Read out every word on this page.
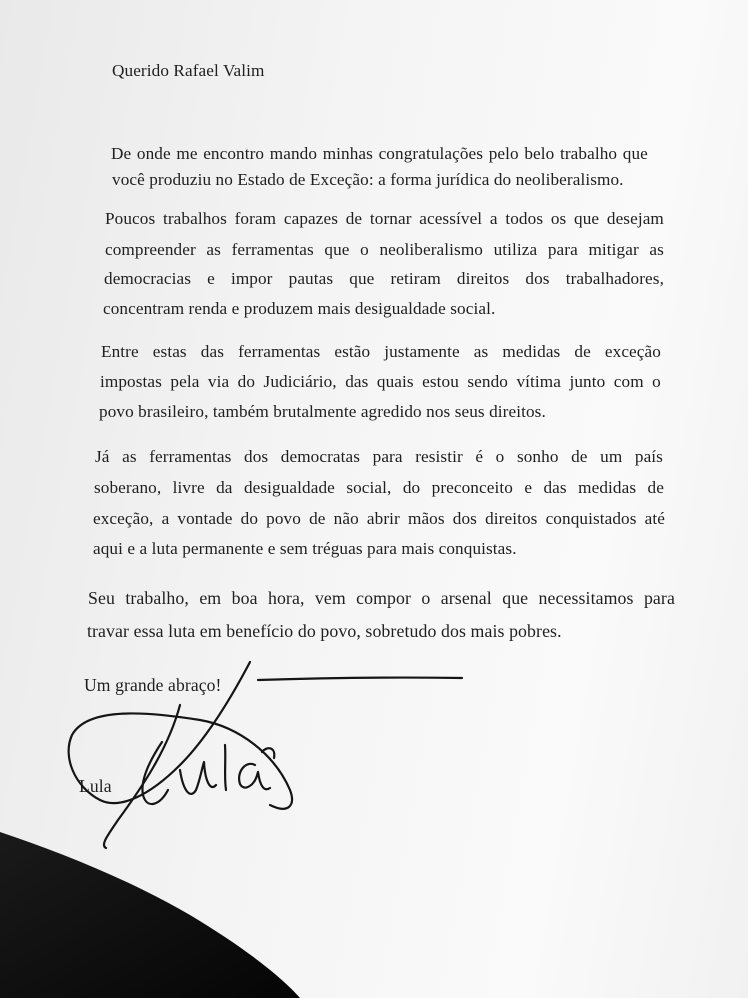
Querido Rafael Valim
De onde me encontro mando minhas congratulações pelo belo trabalho que
você produziu no Estado de Exceção: a forma jurídica do neoliberalismo.
Poucos trabalhos foram capazes de tornar acessível a todos os que desejam
compreender as ferramentas que o neoliberalismo utiliza para mitigar as
democracias e impor pautas que retiram direitos dos trabalhadores,
concentram renda e produzem mais desigualdade social.
Entre estas das ferramentas estão justamente as medidas de exceção
impostas pela via do Judiciário, das quais estou sendo vítima junto com o
povo brasileiro, também brutalmente agredido nos seus direitos.
Já as ferramentas dos democratas para resistir é o sonho de um país
soberano, livre da desigualdade social, do preconceito e das medidas de
exceção, a vontade do povo de não abrir mãos dos direitos conquistados até
aqui e a luta permanente e sem tréguas para mais conquistas.
Seu trabalho, em boa hora, vem compor o arsenal que necessitamos para
travar essa luta em benefício do povo, sobretudo dos mais pobres.
Um grande abraço!
Lula
